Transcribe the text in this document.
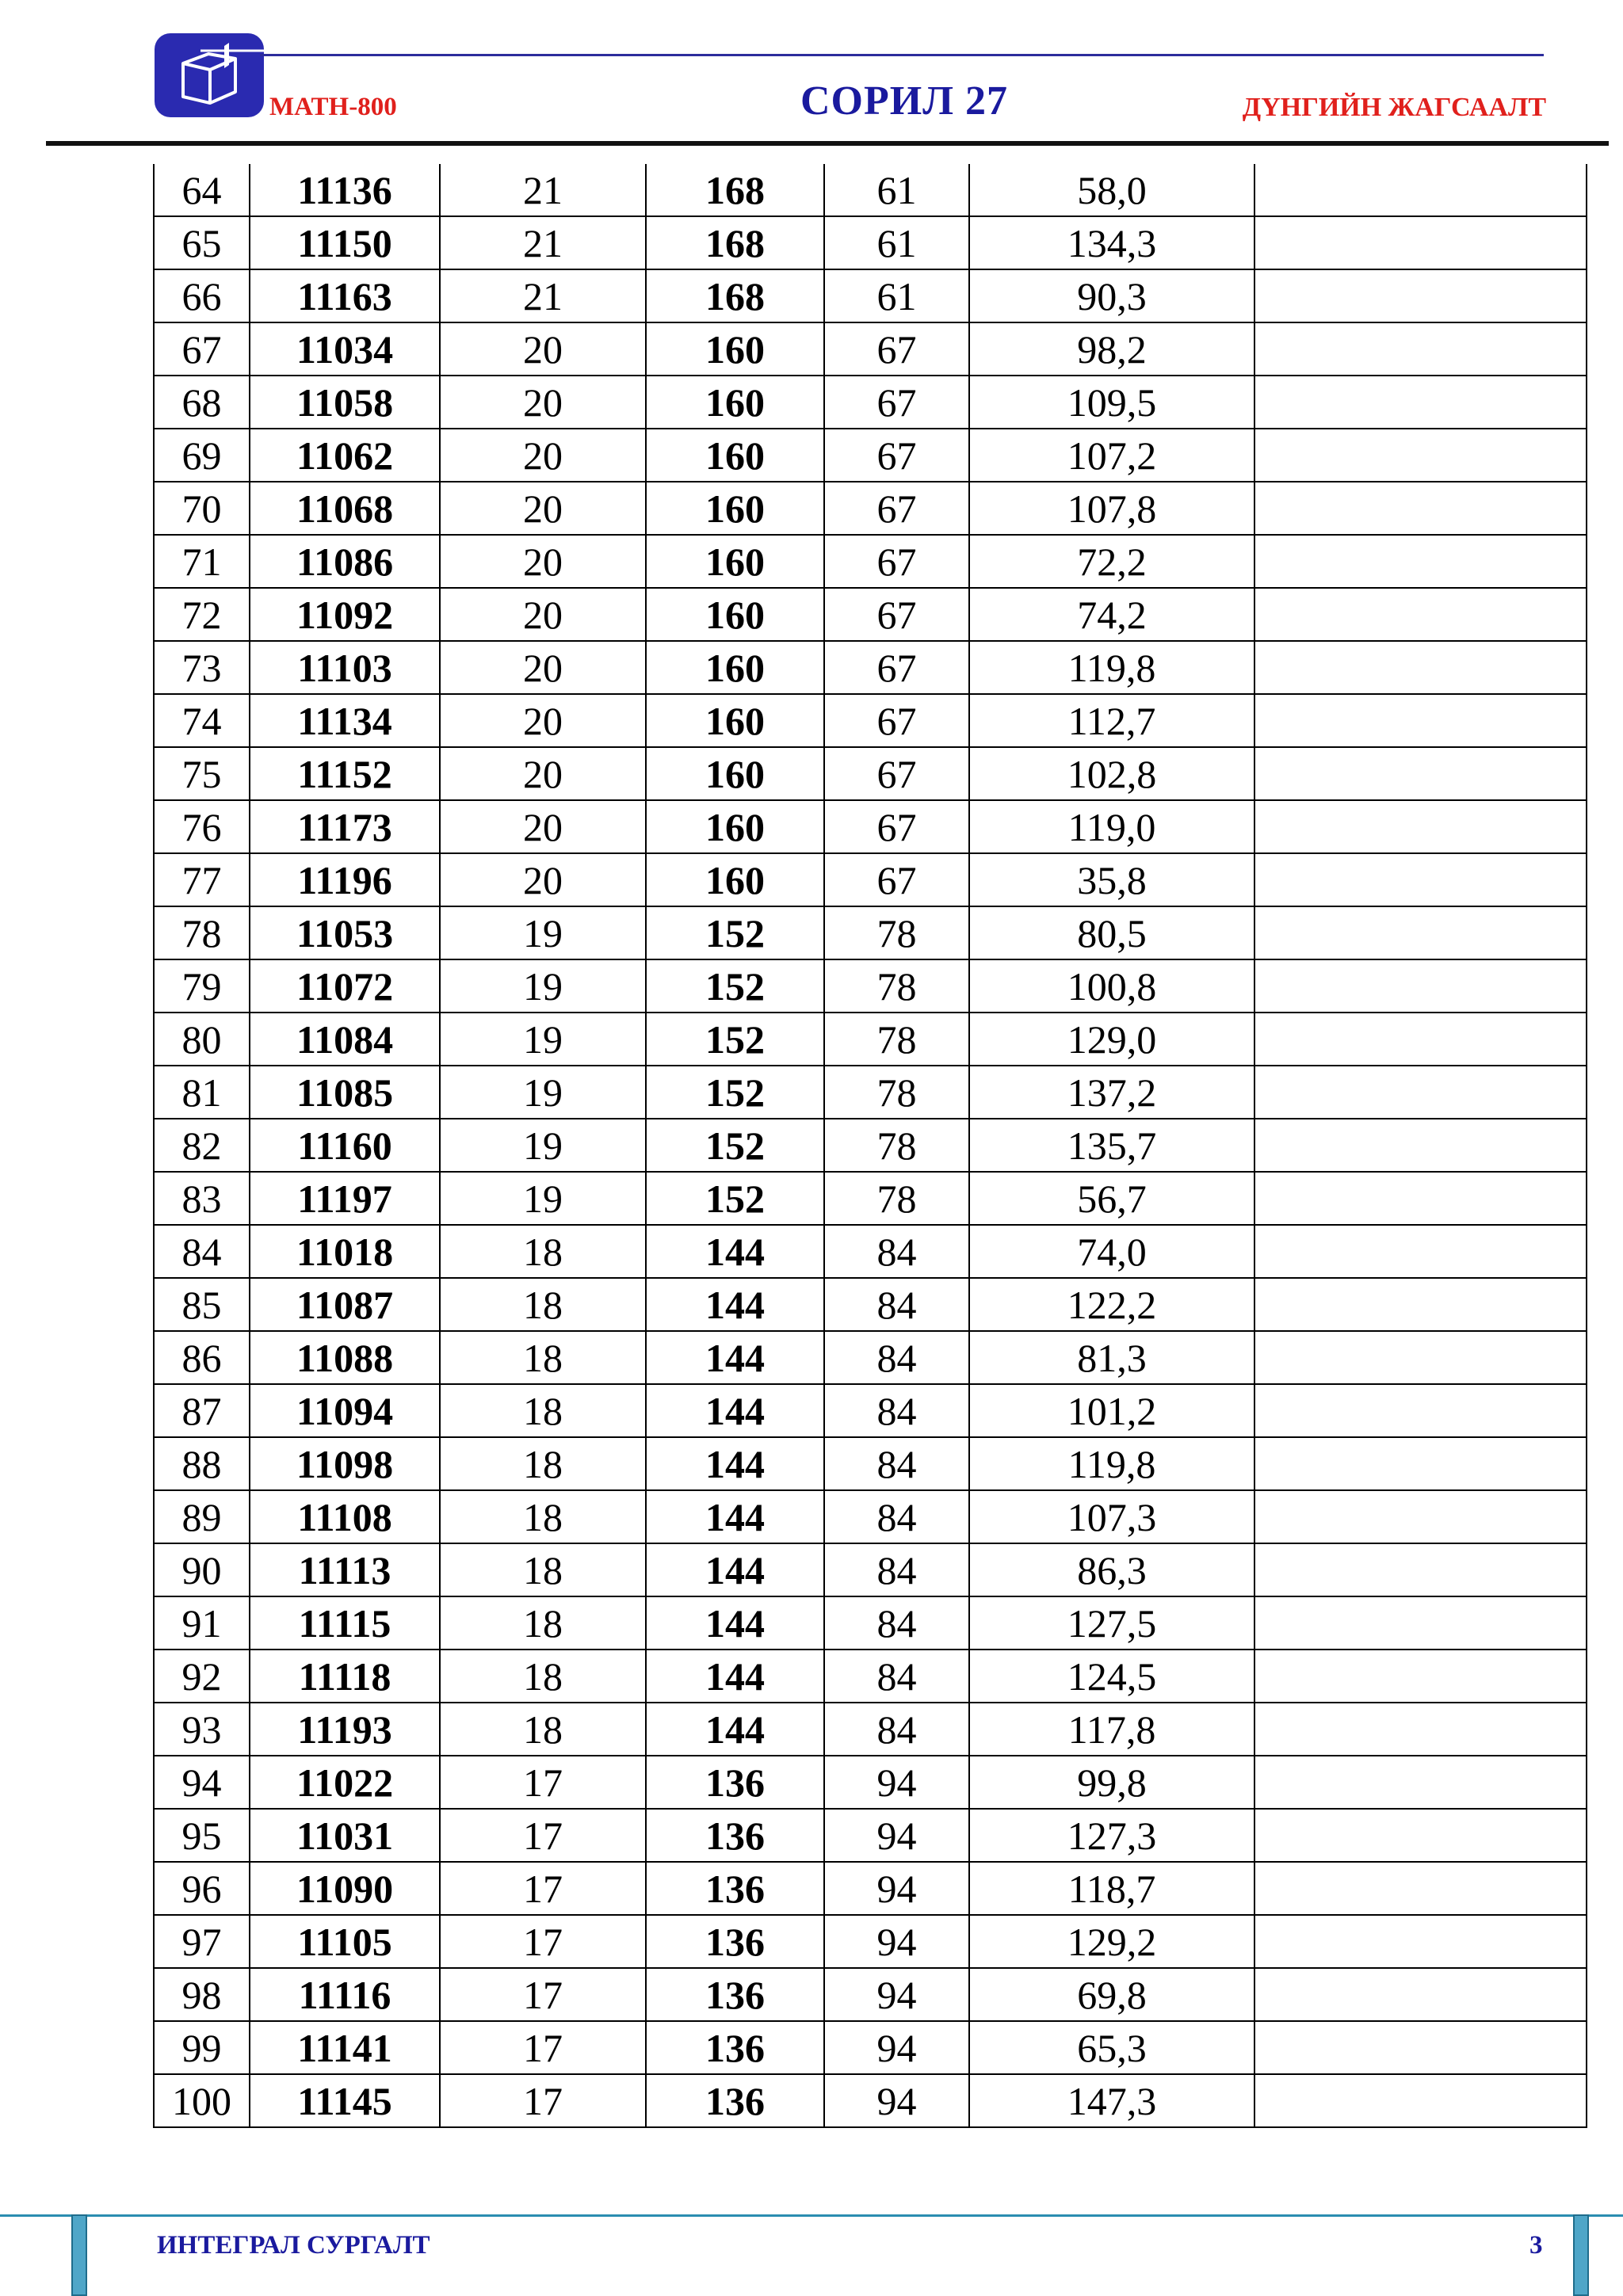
MATH-800	СОРИЛ 27	ДҮНГИЙН ЖАГСААЛТ
64	11136	21	168	61	58,0	
65	11150	21	168	61	134,3	
66	11163	21	168	61	90,3	
67	11034	20	160	67	98,2	
68	11058	20	160	67	109,5	
69	11062	20	160	67	107,2	
70	11068	20	160	67	107,8	
71	11086	20	160	67	72,2	
72	11092	20	160	67	74,2	
73	11103	20	160	67	119,8	
74	11134	20	160	67	112,7	
75	11152	20	160	67	102,8	
76	11173	20	160	67	119,0	
77	11196	20	160	67	35,8	
78	11053	19	152	78	80,5	
79	11072	19	152	78	100,8	
80	11084	19	152	78	129,0	
81	11085	19	152	78	137,2	
82	11160	19	152	78	135,7	
83	11197	19	152	78	56,7	
84	11018	18	144	84	74,0	
85	11087	18	144	84	122,2	
86	11088	18	144	84	81,3	
87	11094	18	144	84	101,2	
88	11098	18	144	84	119,8	
89	11108	18	144	84	107,3	
90	11113	18	144	84	86,3	
91	11115	18	144	84	127,5	
92	11118	18	144	84	124,5	
93	11193	18	144	84	117,8	
94	11022	17	136	94	99,8	
95	11031	17	136	94	127,3	
96	11090	17	136	94	118,7	
97	11105	17	136	94	129,2	
98	11116	17	136	94	69,8	
99	11141	17	136	94	65,3	
100	11145	17	136	94	147,3	
ИНТЕГРАЛ СУРГАЛТ	3
